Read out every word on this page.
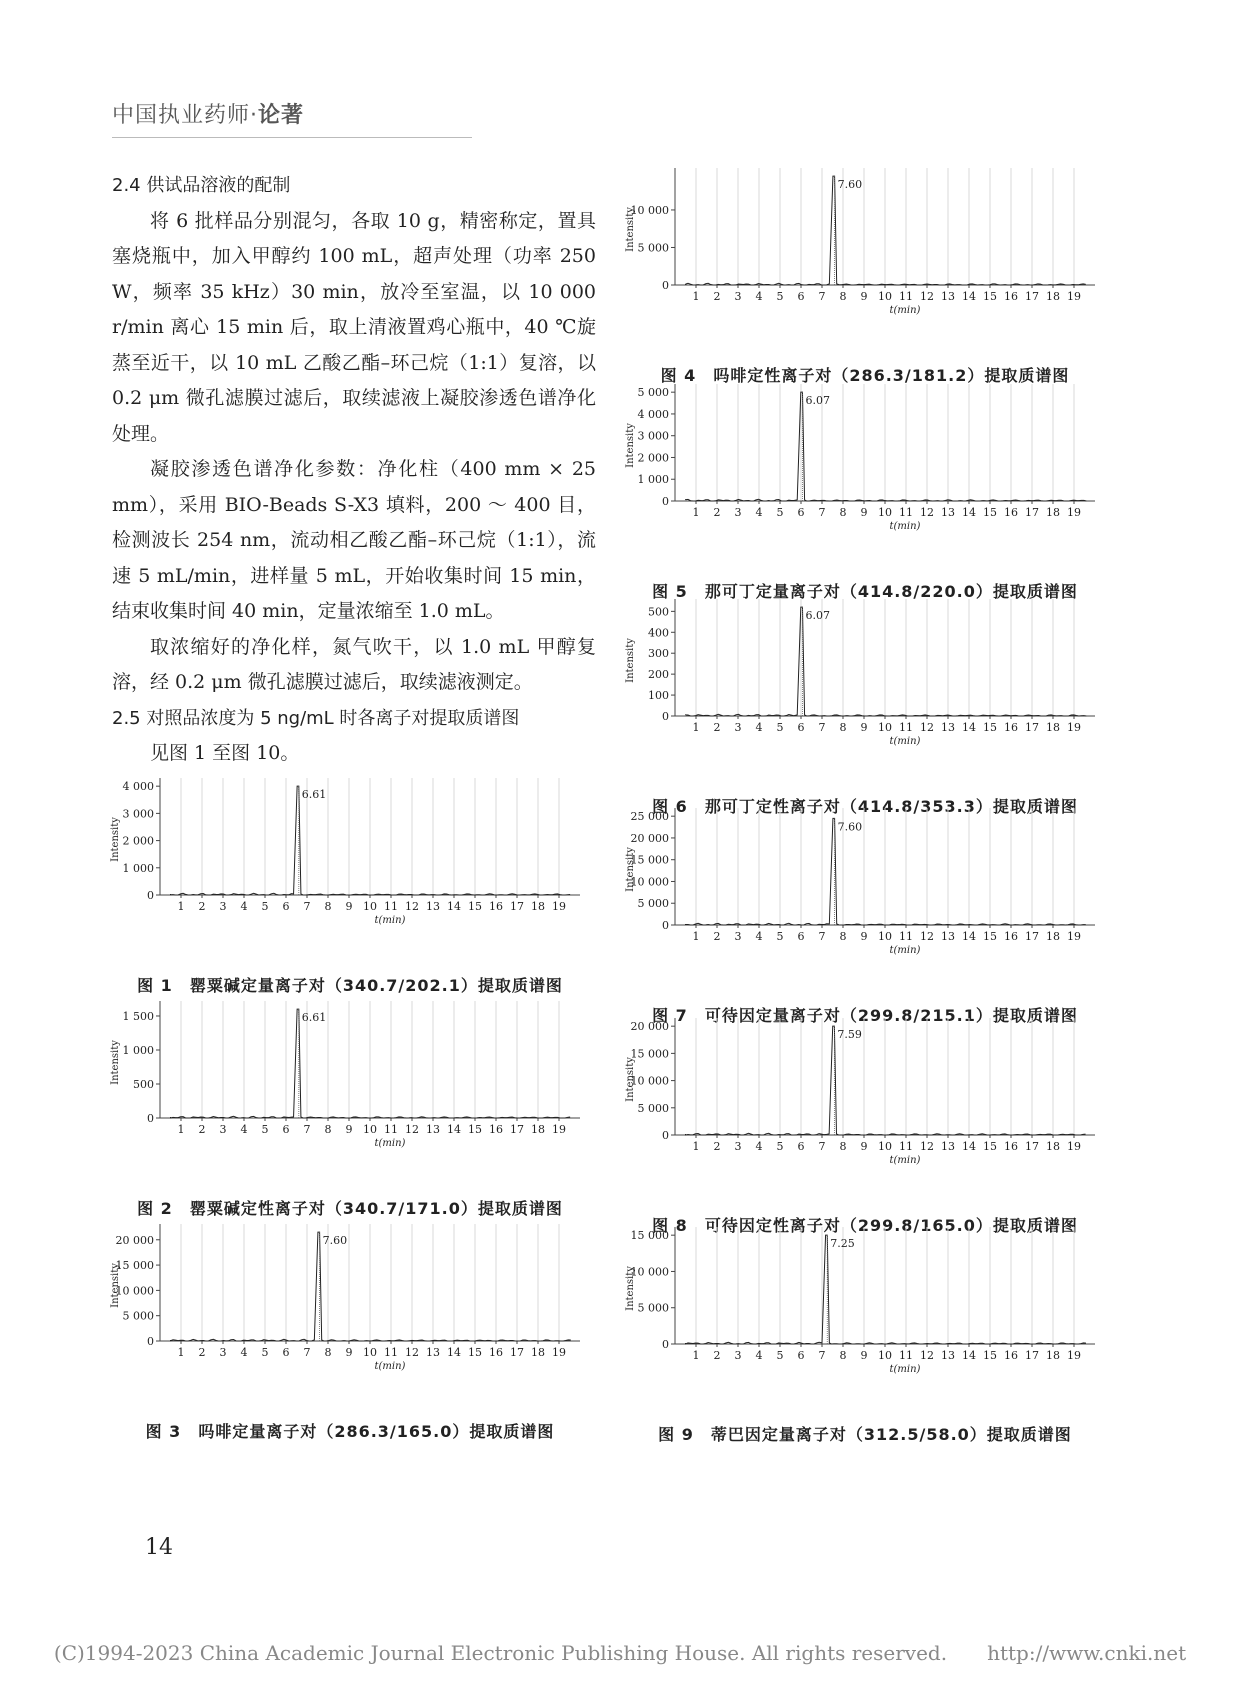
中国执业药师·论著

2.4 供试品溶液的配制

将 6 批样品分别混匀，各取 10 g，精密称定，置具塞烧瓶中，加入甲醇约 100 mL，超声处理（功率 250 W，频率 35 kHz）30 min，放冷至室温，以 10 000 r/min 离心 15 min 后，取上清液置鸡心瓶中，40 ℃旋蒸至近干，以 10 mL 乙酸乙酯–环己烷（1:1）复溶，以 0.2 μm 微孔滤膜过滤后，取续滤液上凝胶渗透色谱净化处理。

凝胶渗透色谱净化参数：净化柱（400 mm × 25 mm），采用 BIO-Beads S-X3 填料，200 ～ 400 目，检测波长 254 nm，流动相乙酸乙酯–环己烷（1:1），流速 5 mL/min，进样量 5 mL，开始收集时间 15 min，结束收集时间 40 min，定量浓缩至 1.0 mL。

取浓缩好的净化样，氮气吹干，以 1.0 mL 甲醇复溶，经 0.2 μm 微孔滤膜过滤后，取续滤液测定。

2.5 对照品浓度为 5 ng/mL 时各离子对提取质谱图

见图 1 至图 10。

0
1 000
2 000
3 000
4 000
1 2 3 4 5 6 7 8 9 10 11 12 13 14 15 16 17 18 19
t(min)
Intensity
6.61
图 1　罂粟碱定量离子对（340.7/202.1）提取质谱图
0
500
1 000
1 500
1 2 3 4 5 6 7 8 9 10 11 12 13 14 15 16 17 18 19
t(min)
Intensity
6.61
图 2　罂粟碱定性离子对（340.7/171.0）提取质谱图
0
5 000
10 000
15 000
20 000
1 2 3 4 5 6 7 8 9 10 11 12 13 14 15 16 17 18 19
t(min)
Intensity
7.60
图 3　吗啡定量离子对（286.3/165.0）提取质谱图
0
5 000
10 000
1 2 3 4 5 6 7 8 9 10 11 12 13 14 15 16 17 18 19
t(min)
Intensity
7.60
图 4　吗啡定性离子对（286.3/181.2）提取质谱图
0
1 000
2 000
3 000
4 000
5 000
1 2 3 4 5 6 7 8 9 10 11 12 13 14 15 16 17 18 19
t(min)
Intensity
6.07
图 5　那可丁定量离子对（414.8/220.0）提取质谱图
0
100
200
300
400
500
1 2 3 4 5 6 7 8 9 10 11 12 13 14 15 16 17 18 19
t(min)
Intensity
6.07
图 6　那可丁定性离子对（414.8/353.3）提取质谱图
0
5 000
10 000
15 000
20 000
25 000
1 2 3 4 5 6 7 8 9 10 11 12 13 14 15 16 17 18 19
t(min)
Intensity
7.60
图 7　可待因定量离子对（299.8/215.1）提取质谱图
0
5 000
10 000
15 000
20 000
1 2 3 4 5 6 7 8 9 10 11 12 13 14 15 16 17 18 19
t(min)
Intensity
7.59
图 8　可待因定性离子对（299.8/165.0）提取质谱图
0
5 000
10 000
15 000
1 2 3 4 5 6 7 8 9 10 11 12 13 14 15 16 17 18 19
t(min)
Intensity
7.25
图 9　蒂巴因定量离子对（312.5/58.0）提取质谱图
14
(C)1994-2023 China Academic Journal Electronic Publishing House. All rights reserved.　　http://www.cnki.net
